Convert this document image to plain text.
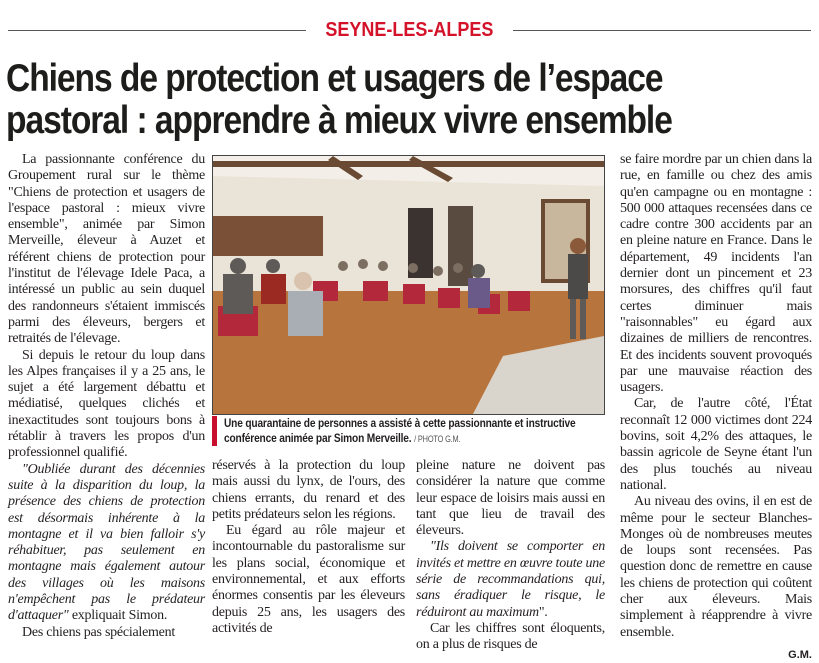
SEYNE-LES-ALPES
Chiens de protection et usagers de l’espace
pastoral : apprendre à mieux vivre ensemble

La passionnante conférence du Groupement rural sur le thème "Chiens de protection et usagers de l'espace pastoral : mieux vivre ensemble", animée par Simon Merveille, éleveur à Auzet et référent chiens de protection pour l'institut de l'élevage Idele Paca, a intéressé un public au sein duquel des randonneurs s'étaient immiscés parmi des éleveurs, bergers et retraités de l'élevage.

Si depuis le retour du loup dans les Alpes françaises il y a 25 ans, le sujet a été largement débattu et médiatisé, quelques clichés et inexactitudes sont toujours bons à rétablir à travers les propos d'un professionnel qualifié.

"Oubliée durant des décennies suite à la disparition du loup, la présence des chiens de protection est désormais inhérente à la montagne et il va bien falloir s'y réhabituer, pas seulement en montagne mais également autour des villages où les maisons n'empêchent pas le prédateur d'attaquer" expliquait Simon.

Des chiens pas spécialement

se faire mordre par un chien dans la rue, en famille ou chez des amis qu'en campagne ou en montagne : 500 000 attaques recensées dans ce cadre contre 300 accidents par an en pleine nature en France. Dans le département, 49 incidents l'an dernier dont un pincement et 23 morsures, des chiffres qu'il faut certes diminuer mais "raisonnables" eu égard aux dizaines de milliers de rencontres. Et des incidents souvent provoqués par une mauvaise réaction des usagers.

Car, de l'autre côté, l'État reconnaît 12 000 victimes dont 224 bovins, soit 4,2% des attaques, le bassin agricole de Seyne étant l'un des plus touchés au niveau national.

Au niveau des ovins, il en est de même pour le secteur Blanches-Monges où de nombreuses meutes de loups sont recensées. Pas question donc de remettre en cause les chiens de protection qui coûtent cher aux éleveurs. Mais simplement à réapprendre à vivre ensemble.

G.M.
Une quarantaine de personnes a assisté à cette passionnante et instructive conférence animée par Simon Merveille. / PHOTO G.M.

réservés à la protection du loup mais aussi du lynx, de l'ours, des chiens errants, du renard et des petits prédateurs selon les régions.

Eu égard au rôle majeur et incontournable du pastoralisme sur les plans social, économique et environnemental, et aux efforts énormes consentis par les éleveurs depuis 25 ans, les usagers des activités de

pleine nature ne doivent pas considérer la nature que comme leur espace de loisirs mais aussi en tant que lieu de travail des éleveurs.

"Ils doivent se comporter en invités et mettre en œuvre toute une série de recommandations qui, sans éradiquer le risque, le réduiront au maximum".

Car les chiffres sont éloquents, on a plus de risques de
